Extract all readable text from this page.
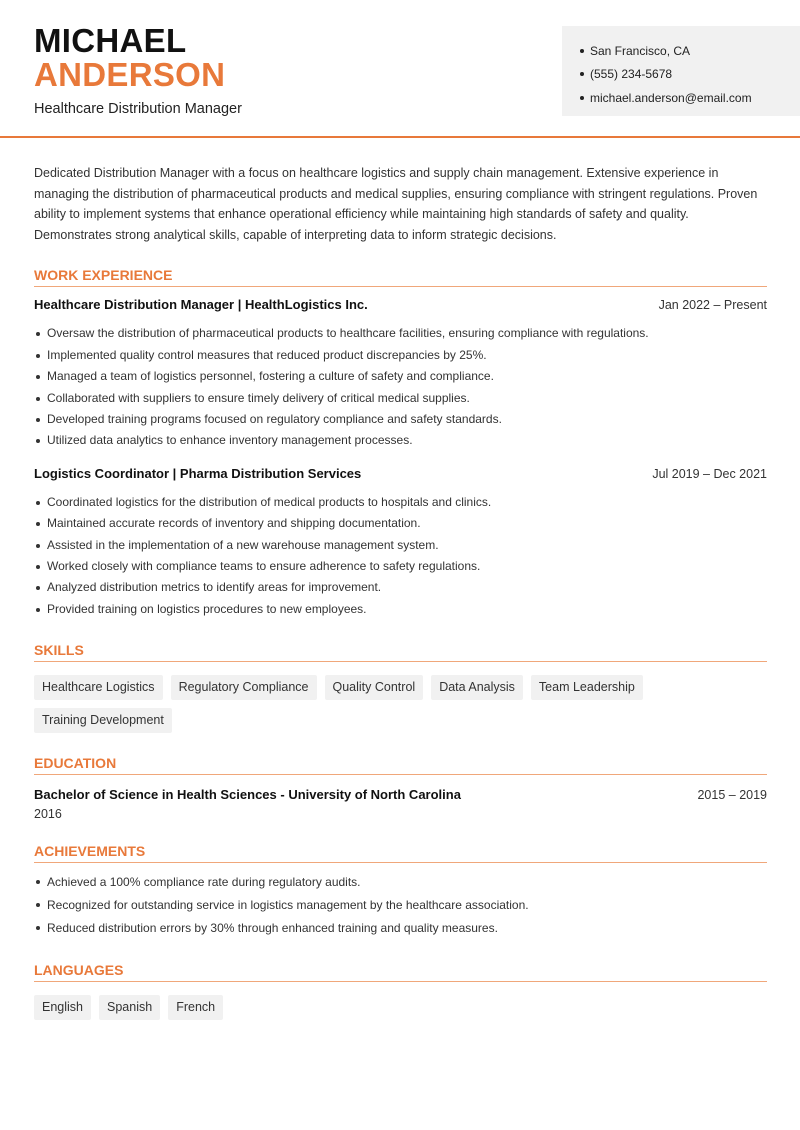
MICHAEL
ANDERSON
Healthcare Distribution Manager
San Francisco, CA
(555) 234-5678
michael.anderson@email.com

Dedicated Distribution Manager with a focus on healthcare logistics and supply chain management. Extensive experience in managing the distribution of pharmaceutical products and medical supplies, ensuring compliance with stringent regulations. Proven ability to implement systems that enhance operational efficiency while maintaining high standards of safety and quality. Demonstrates strong analytical skills, capable of interpreting data to inform strategic decisions.

WORK EXPERIENCE
Healthcare Distribution Manager | HealthLogistics Inc.	Jan 2022 – Present
Oversaw the distribution of pharmaceutical products to healthcare facilities, ensuring compliance with regulations.
Implemented quality control measures that reduced product discrepancies by 25%.
Managed a team of logistics personnel, fostering a culture of safety and compliance.
Collaborated with suppliers to ensure timely delivery of critical medical supplies.
Developed training programs focused on regulatory compliance and safety standards.
Utilized data analytics to enhance inventory management processes.
Logistics Coordinator | Pharma Distribution Services	Jul 2019 – Dec 2021
Coordinated logistics for the distribution of medical products to hospitals and clinics.
Maintained accurate records of inventory and shipping documentation.
Assisted in the implementation of a new warehouse management system.
Worked closely with compliance teams to ensure adherence to safety regulations.
Analyzed distribution metrics to identify areas for improvement.
Provided training on logistics procedures to new employees.
SKILLS
Healthcare Logistics	Regulatory Compliance	Quality Control	Data Analysis	Team Leadership
Training Development
EDUCATION
Bachelor of Science in Health Sciences - University of North Carolina	2015 – 2019
2016
ACHIEVEMENTS
Achieved a 100% compliance rate during regulatory audits.
Recognized for outstanding service in logistics management by the healthcare association.
Reduced distribution errors by 30% through enhanced training and quality measures.
LANGUAGES
English	Spanish	French
